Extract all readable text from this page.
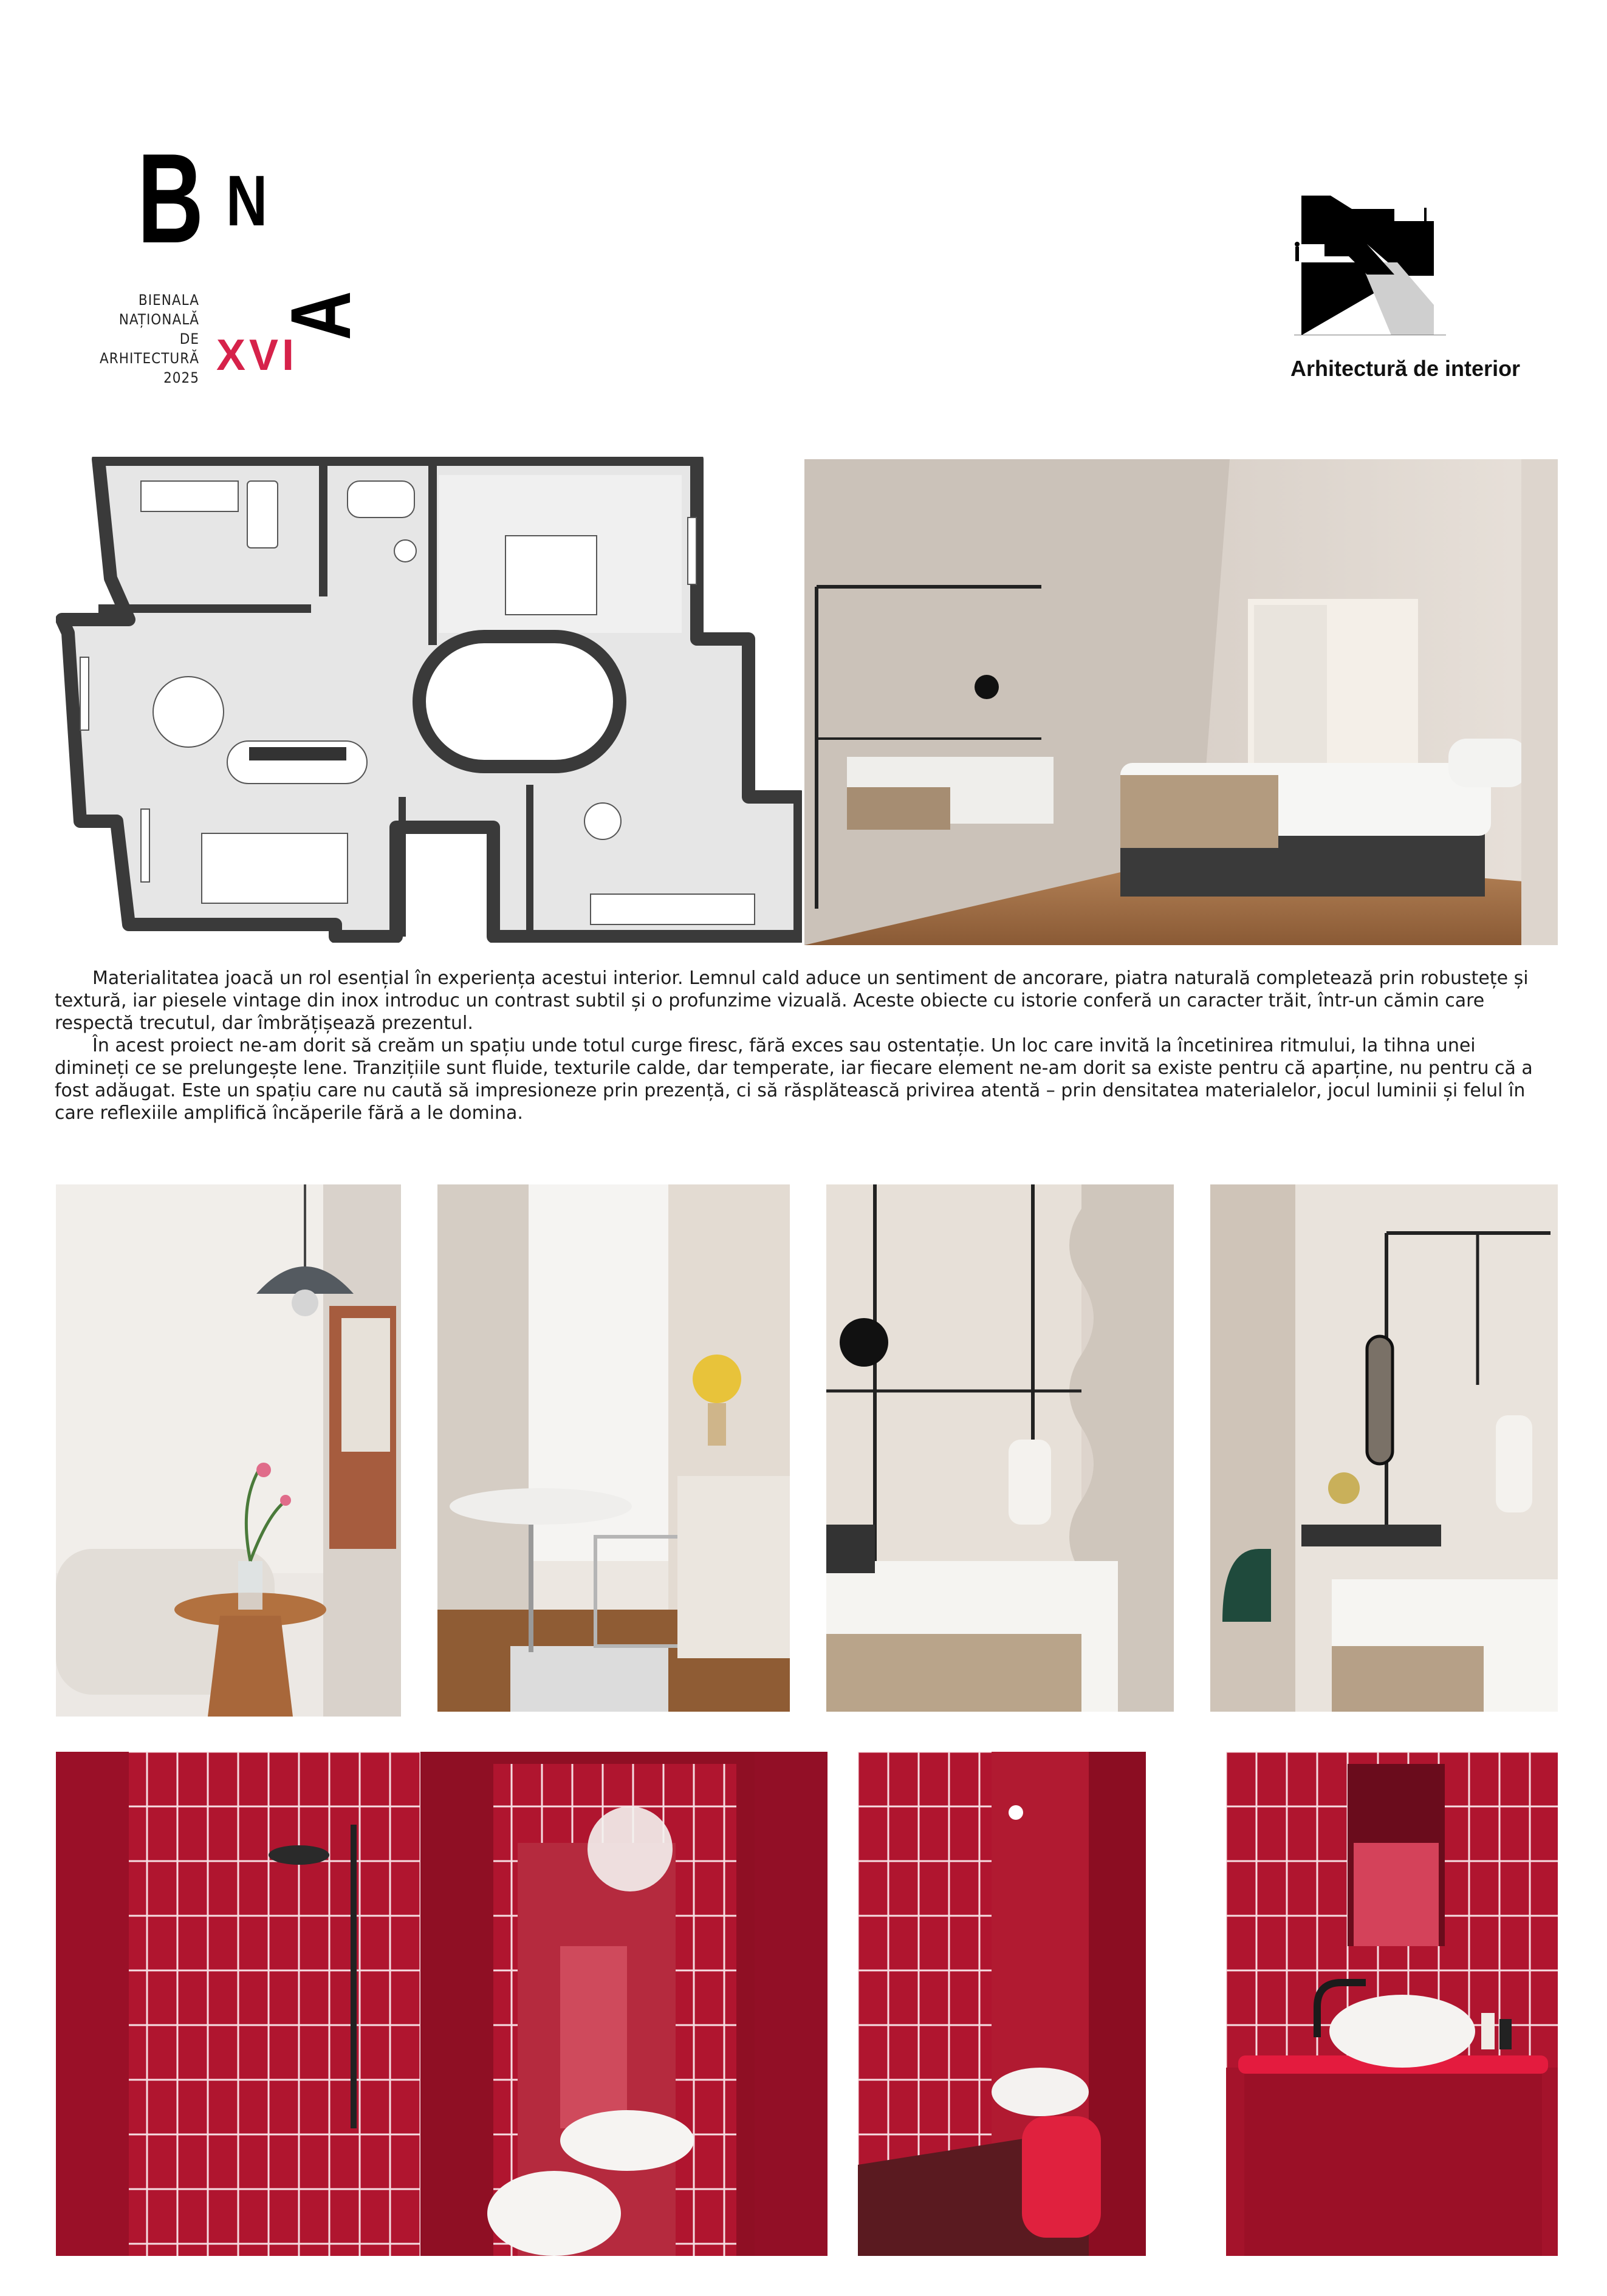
B N
A
BIENALA
NAȚIONALĂ
DE
ARHITECTURĂ
2025 XVI	Arhitectură de interior

Materialitatea joacă un rol esențial în experiența acestui interior. Lemnul cald aduce un sentiment de ancorare, piatra naturală completează prin robustețe și textură, iar piesele vintage din inox introduc un contrast subtil și o profunzime vizuală. Aceste obiecte cu istorie conferă un caracter trăit, într-un cămin care respectă trecutul, dar îmbrățișează prezentul.

În acest proiect ne-am dorit să creăm un spațiu unde totul curge firesc, fără exces sau ostentație. Un loc care invită la încetinirea ritmului, la tihna unei dimineți ce se prelungește lene. Tranzițiile sunt fluide, texturile calde, dar temperate, iar fiecare element ne-am dorit sa existe pentru că aparține, nu pentru că a fost adăugat. Este un spațiu care nu caută să impresioneze prin prezență, ci să răsplătească privirea atentă – prin densitatea materialelor, jocul luminii și felul în care reflexiile amplifică încăperile fără a le domina.
